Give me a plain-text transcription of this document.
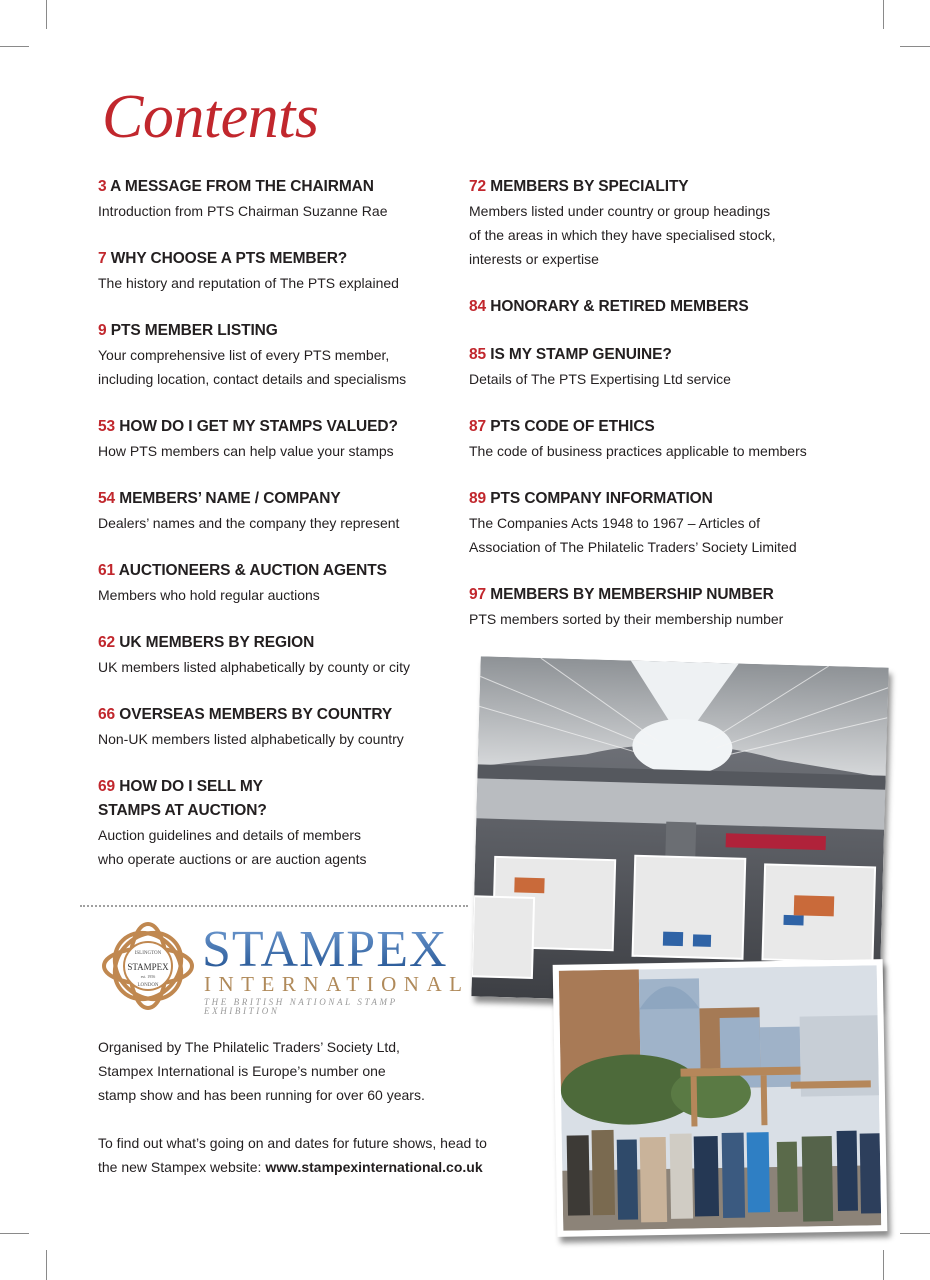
Contents
3 A MESSAGE FROM THE CHAIRMAN
Introduction from PTS Chairman Suzanne Rae
7 WHY CHOOSE A PTS MEMBER?
The history and reputation of The PTS explained
9 PTS MEMBER LISTING
Your comprehensive list of every PTS member,
including location, contact details and specialisms
53 HOW DO I GET MY STAMPS VALUED?
How PTS members can help value your stamps
54 MEMBERS’ NAME / COMPANY
Dealers’ names and the company they represent
61 AUCTIONEERS & AUCTION AGENTS
Members who hold regular auctions
62 UK MEMBERS BY REGION
UK members listed alphabetically by county or city
66 OVERSEAS MEMBERS BY COUNTRY
Non-UK members listed alphabetically by country
69 HOW DO I SELL MY
STAMPS AT AUCTION?
Auction guidelines and details of members
who operate auctions or are auction agents
72 MEMBERS BY SPECIALITY
Members listed under country or group headings
of the areas in which they have specialised stock,
interests or expertise
84 HONORARY & RETIRED MEMBERS
85 IS MY STAMP GENUINE?
Details of The PTS Expertising Ltd service
87 PTS CODE OF ETHICS
The code of business practices applicable to members
89 PTS COMPANY INFORMATION
The Companies Acts 1948 to 1967 – Articles of
Association of The Philatelic Traders’ Society Limited
97 MEMBERS BY MEMBERSHIP NUMBER
PTS members sorted by their membership number
STAMPEX
ISLINGTON
est. 1956
LONDON
STAMPEX
INTERNATIONAL
THE BRITISH NATIONAL STAMP EXHIBITION

Organised by The Philatelic Traders’ Society Ltd,

Stampex International is Europe’s number one

stamp show and has been running for over 60 years.

To find out what’s going on and dates for future shows, head to

the new Stampex website: www.stampexinternational.co.uk
